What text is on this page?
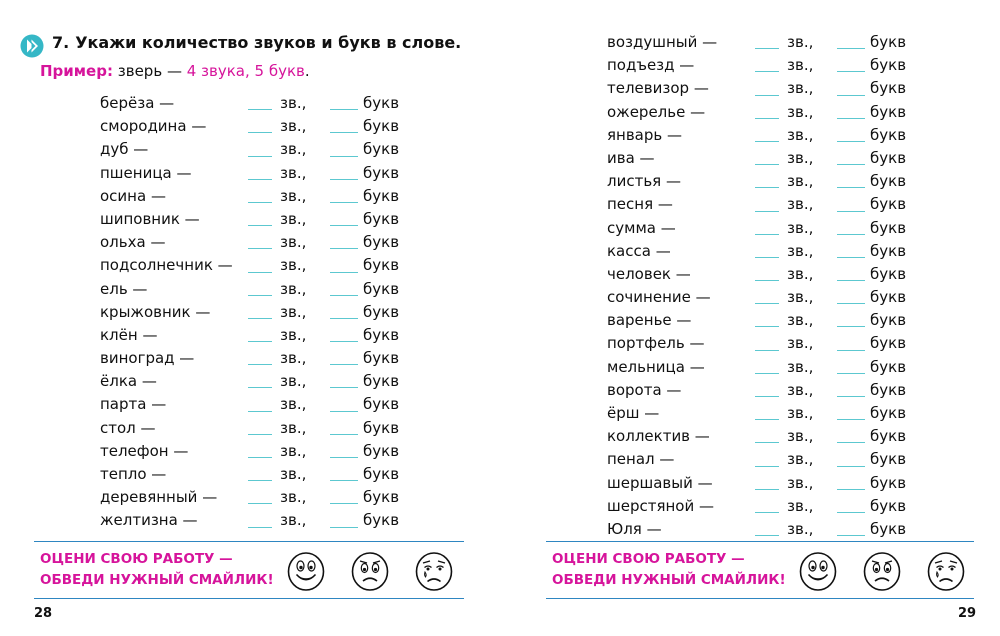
7. Укажи количество звуков и букв в слове.
Пример: зверь — 4 звука, 5 букв.
берёза —	зв.,	букв
смородина —	зв.,	букв
дуб —	зв.,	букв
пшеница —	зв.,	букв
осина —	зв.,	букв
шиповник —	зв.,	букв
ольха —	зв.,	букв
подсолнечник —	зв.,	букв
ель —	зв.,	букв
крыжовник —	зв.,	букв
клён —	зв.,	букв
виноград —	зв.,	букв
ёлка —	зв.,	букв
парта —	зв.,	букв
стол —	зв.,	букв
телефон —	зв.,	букв
тепло —	зв.,	букв
деревянный —	зв.,	букв
желтизна —	зв.,	букв
ОЦЕНИ СВОЮ РАБОТУ —
ОБВЕДИ НУЖНЫЙ СМАЙЛИК!
28
воздушный —	зв.,	букв
подъезд —	зв.,	букв
телевизор —	зв.,	букв
ожерелье —	зв.,	букв
январь —	зв.,	букв
ива —	зв.,	букв
листья —	зв.,	букв
песня —	зв.,	букв
сумма —	зв.,	букв
касса —	зв.,	букв
человек —	зв.,	букв
сочинение —	зв.,	букв
варенье —	зв.,	букв
портфель —	зв.,	букв
мельница —	зв.,	букв
ворота —	зв.,	букв
ёрш —	зв.,	букв
коллектив —	зв.,	букв
пенал —	зв.,	букв
шершавый —	зв.,	букв
шерстяной —	зв.,	букв
Юля —	зв.,	букв
ОЦЕНИ СВОЮ РАБОТУ —
ОБВЕДИ НУЖНЫЙ СМАЙЛИК!
29
